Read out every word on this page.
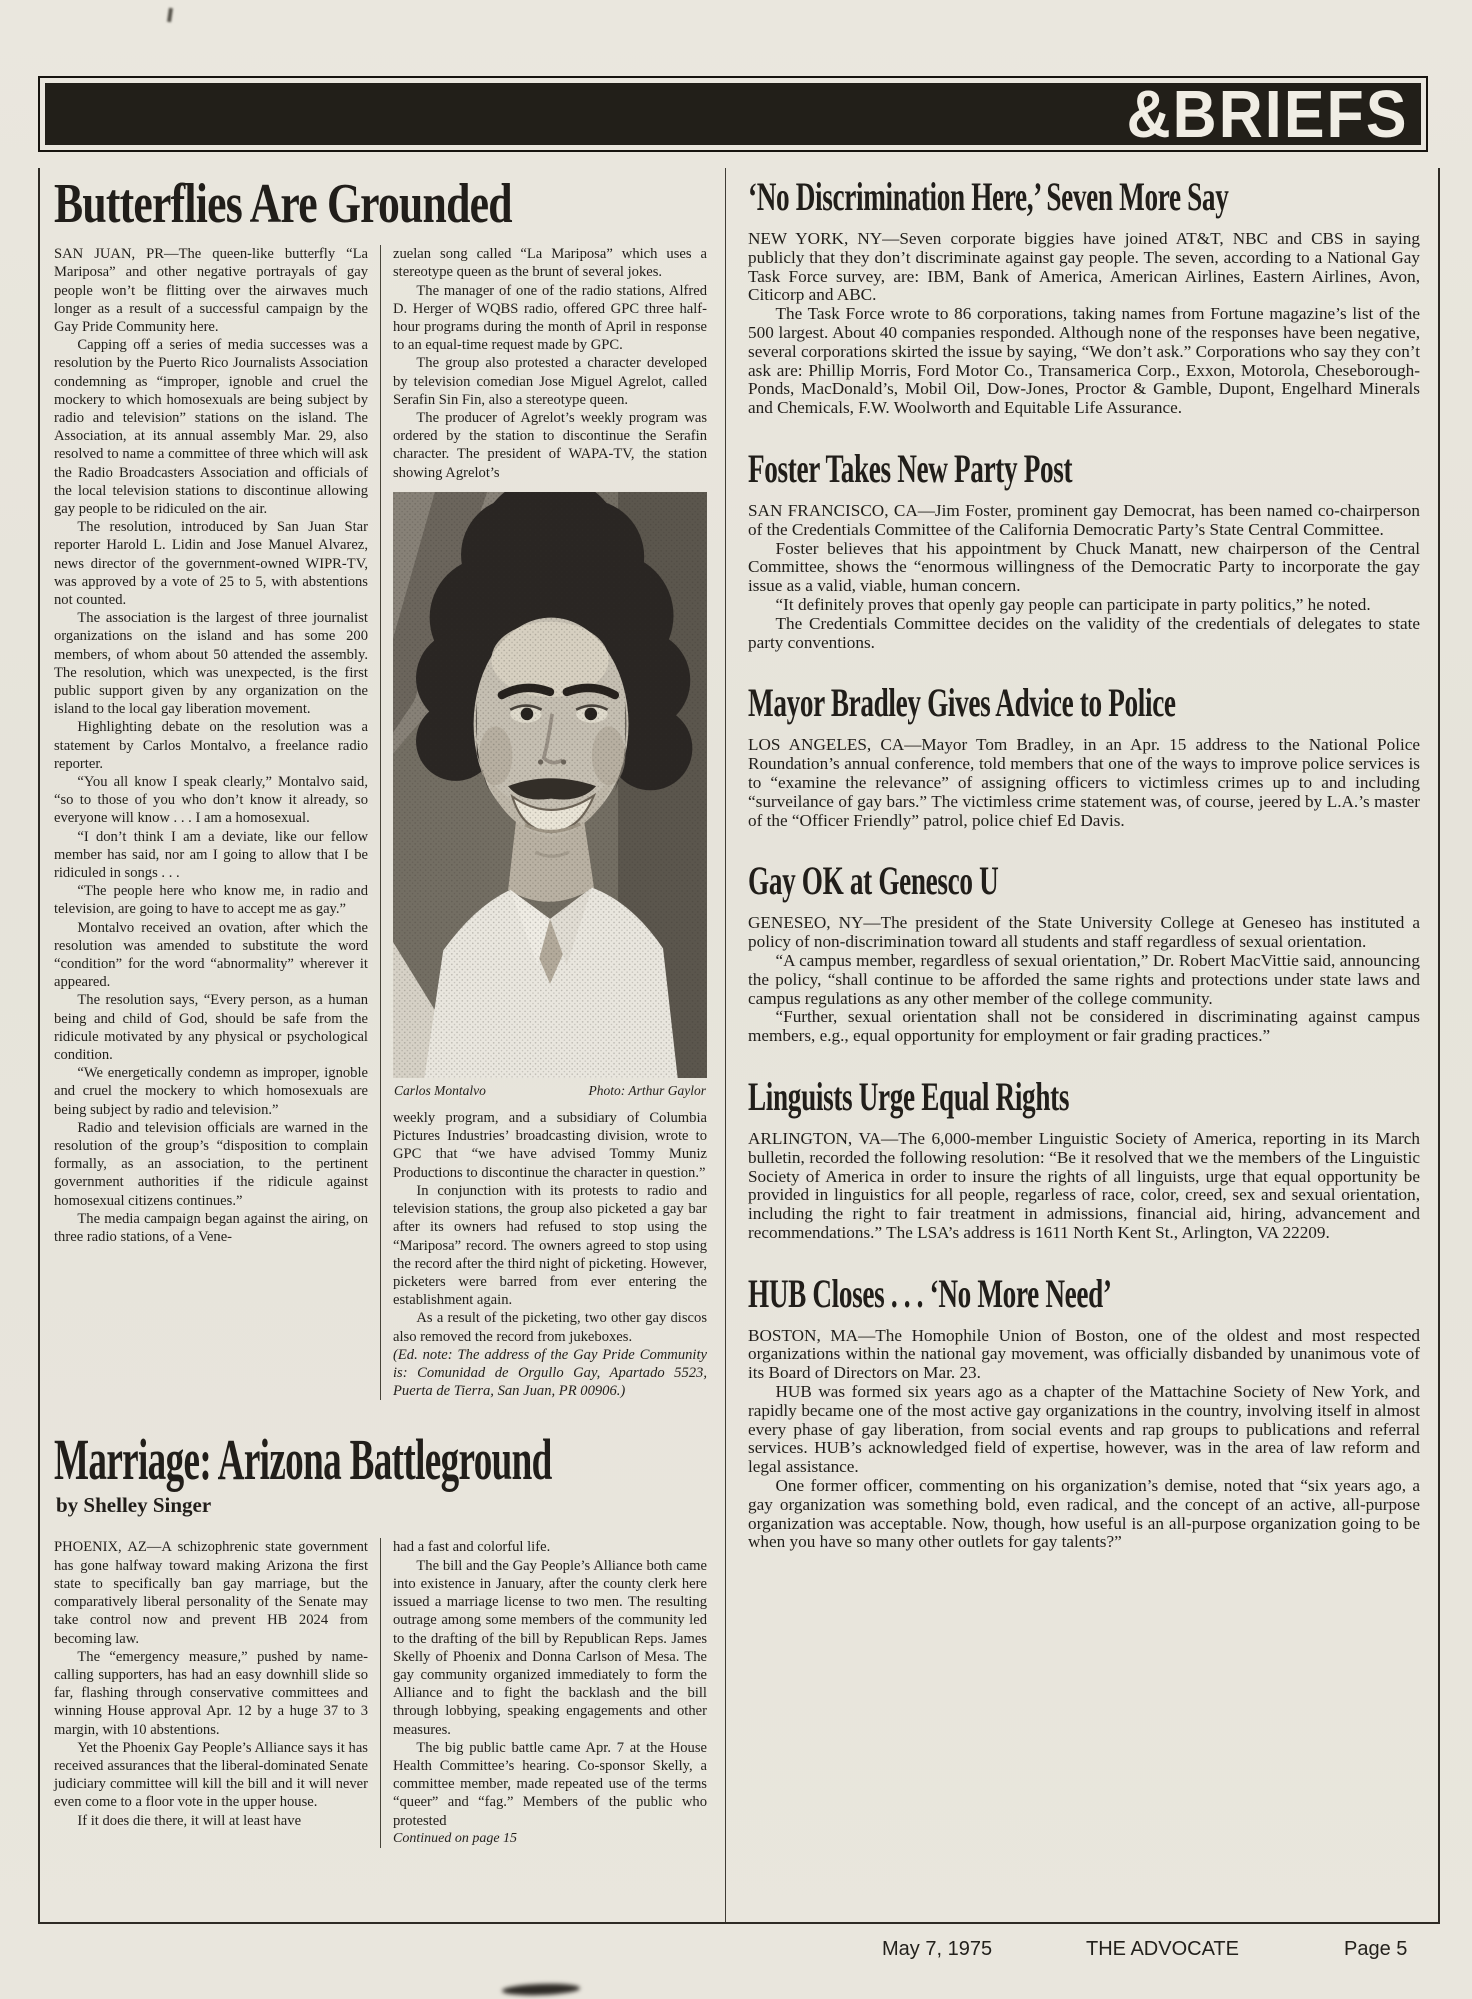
&BRIEFS
Butterflies Are Grounded

SAN JUAN, PR—The queen-like butterfly “La Mariposa” and other negative portrayals of gay people won’t be flitting over the airwaves much longer as a result of a successful campaign by the Gay Pride Community here.

Capping off a series of media successes was a resolution by the Puerto Rico Journalists Association condemning as “improper, ignoble and cruel the mockery to which homosexuals are being subject by radio and television” stations on the island. The Association, at its annual assembly Mar. 29, also resolved to name a committee of three which will ask the Radio Broadcasters Association and officials of the local television stations to discontinue allowing gay people to be ridiculed on the air.

The resolution, introduced by San Juan Star reporter Harold L. Lidin and Jose Manuel Alvarez, news director of the government-owned WIPR-TV, was approved by a vote of 25 to 5, with abstentions not counted.

The association is the largest of three journalist organizations on the island and has some 200 members, of whom about 50 attended the assembly. The resolution, which was unexpected, is the first public support given by any organization on the island to the local gay liberation movement.

Highlighting debate on the resolution was a statement by Carlos Montalvo, a freelance radio reporter.

“You all know I speak clearly,” Montalvo said, “so to those of you who don’t know it already, so everyone will know . . . I am a homosexual.

“I don’t think I am a deviate, like our fellow member has said, nor am I going to allow that I be ridiculed in songs . . .

“The people here who know me, in radio and television, are going to have to accept me as gay.”

Montalvo received an ovation, after which the resolution was amended to substitute the word “condition” for the word “abnormality” wherever it appeared.

The resolution says, “Every person, as a human being and child of God, should be safe from the ridicule motivated by any physical or psychological condition.

“We energetically condemn as improper, ignoble and cruel the mockery to which homosexuals are being subject by radio and television.”

Radio and television officials are warned in the resolution of the group’s “disposition to complain formally, as an association, to the pertinent government authorities if the ridicule against homosexual citizens continues.”

The media campaign began against the airing, on three radio stations, of a Vene-

zuelan song called “La Mariposa” which uses a stereotype queen as the brunt of several jokes.

The manager of one of the radio stations, Alfred D. Herger of WQBS radio, offered GPC three half-hour programs during the month of April in response to an equal-time request made by GPC.

The group also protested a character developed by television comedian Jose Miguel Agrelot, called Serafin Sin Fin, also a stereotype queen.

The producer of Agrelot’s weekly program was ordered by the station to discontinue the Serafin character. The president of WAPA-TV, the station showing Agrelot’s

Carlos Montalvo	Photo: Arthur Gaylor

weekly program, and a subsidiary of Columbia Pictures Industries’ broadcasting division, wrote to GPC that “we have advised Tommy Muniz Productions to discontinue the character in question.”

In conjunction with its protests to radio and television stations, the group also picketed a gay bar after its owners had refused to stop using the “Mariposa” record. The owners agreed to stop using the record after the third night of picketing. However, picketers were barred from ever entering the establishment again.

As a result of the picketing, two other gay discos also removed the record from jukeboxes.

(Ed. note: The address of the Gay Pride Community is: Comunidad de Orgullo Gay, Apartado 5523, Puerta de Tierra, San Juan, PR 00906.)

Marriage: Arizona Battleground
by Shelley Singer

PHOENIX, AZ—A schizophrenic state government has gone halfway toward making Arizona the first state to specifically ban gay marriage, but the comparatively liberal personality of the Senate may take control now and prevent HB 2024 from becoming law.

The “emergency measure,” pushed by name-calling supporters, has had an easy downhill slide so far, flashing through conservative committees and winning House approval Apr. 12 by a huge 37 to 3 margin, with 10 abstentions.

Yet the Phoenix Gay People’s Alliance says it has received assurances that the liberal-dominated Senate judiciary committee will kill the bill and it will never even come to a floor vote in the upper house.

If it does die there, it will at least have

had a fast and colorful life.

The bill and the Gay People’s Alliance both came into existence in January, after the county clerk here issued a marriage license to two men. The resulting outrage among some members of the community led to the drafting of the bill by Republican Reps. James Skelly of Phoenix and Donna Carlson of Mesa. The gay community organized immediately to form the Alliance and to fight the backlash and the bill through lobbying, speaking engagements and other measures.

The big public battle came Apr. 7 at the House Health Committee’s hearing. Co-sponsor Skelly, a committee member, made repeated use of the terms “queer” and “fag.” Members of the public who protested

Continued on page 15

‘No Discrimination Here,’ Seven More Say

NEW YORK, NY—Seven corporate biggies have joined AT&T, NBC and CBS in saying publicly that they don’t discriminate against gay people. The seven, according to a National Gay Task Force survey, are: IBM, Bank of America, American Airlines, Eastern Airlines, Avon, Citicorp and ABC.

The Task Force wrote to 86 corporations, taking names from Fortune magazine’s list of the 500 largest. About 40 companies responded. Although none of the responses have been negative, several corporations skirted the issue by saying, “We don’t ask.” Corporations who say they con’t ask are: Phillip Morris, Ford Motor Co., Transamerica Corp., Exxon, Motorola, Cheseborough-Ponds, MacDonald’s, Mobil Oil, Dow-Jones, Proctor & Gamble, Dupont, Engelhard Minerals and Chemicals, F.W. Woolworth and Equitable Life Assurance.

Foster Takes New Party Post

SAN FRANCISCO, CA—Jim Foster, prominent gay Democrat, has been named co-chairperson of the Credentials Committee of the California Democratic Party’s State Central Committee.

Foster believes that his appointment by Chuck Manatt, new chairperson of the Central Committee, shows the “enormous willingness of the Democratic Party to incorporate the gay issue as a valid, viable, human concern.

“It definitely proves that openly gay people can participate in party politics,” he noted.

The Credentials Committee decides on the validity of the credentials of delegates to state party conventions.

Mayor Bradley Gives Advice to Police

LOS ANGELES, CA—Mayor Tom Bradley, in an Apr. 15 address to the National Police Roundation’s annual conference, told members that one of the ways to improve police services is to “examine the relevance” of assigning officers to victimless crimes up to and including “surveilance of gay bars.” The victimless crime statement was, of course, jeered by L.A.’s master of the “Officer Friendly” patrol, police chief Ed Davis.

Gay OK at Genesco U

GENESEO, NY—The president of the State University College at Geneseo has instituted a policy of non-discrimination toward all students and staff regardless of sexual orientation.

“A campus member, regardless of sexual orientation,” Dr. Robert MacVittie said, announcing the policy, “shall continue to be afforded the same rights and protections under state laws and campus regulations as any other member of the college community.

“Further, sexual orientation shall not be considered in discriminating against campus members, e.g., equal opportunity for employment or fair grading practices.”

Linguists Urge Equal Rights

ARLINGTON, VA—The 6,000-member Linguistic Society of America, reporting in its March bulletin, recorded the following resolution: “Be it resolved that we the members of the Linguistic Society of America in order to insure the rights of all linguists, urge that equal opportunity be provided in linguistics for all people, regarless of race, color, creed, sex and sexual orientation, including the right to fair treatment in admissions, financial aid, hiring, advancement and recommendations.” The LSA’s address is 1611 North Kent St., Arlington, VA 22209.

HUB Closes . . . ‘No More Need’

BOSTON, MA—The Homophile Union of Boston, one of the oldest and most respected organizations within the national gay movement, was officially disbanded by unanimous vote of its Board of Directors on Mar. 23.

HUB was formed six years ago as a chapter of the Mattachine Society of New York, and rapidly became one of the most active gay organizations in the country, involving itself in almost every phase of gay liberation, from social events and rap groups to publications and referral services. HUB’s acknowledged field of expertise, however, was in the area of law reform and legal assistance.

One former officer, commenting on his organization’s demise, noted that “six years ago, a gay organization was something bold, even radical, and the concept of an active, all-purpose organization was acceptable. Now, though, how useful is an all-purpose organization going to be when you have so many other outlets for gay talents?”

May 7, 1975	THE ADVOCATE	Page 5
